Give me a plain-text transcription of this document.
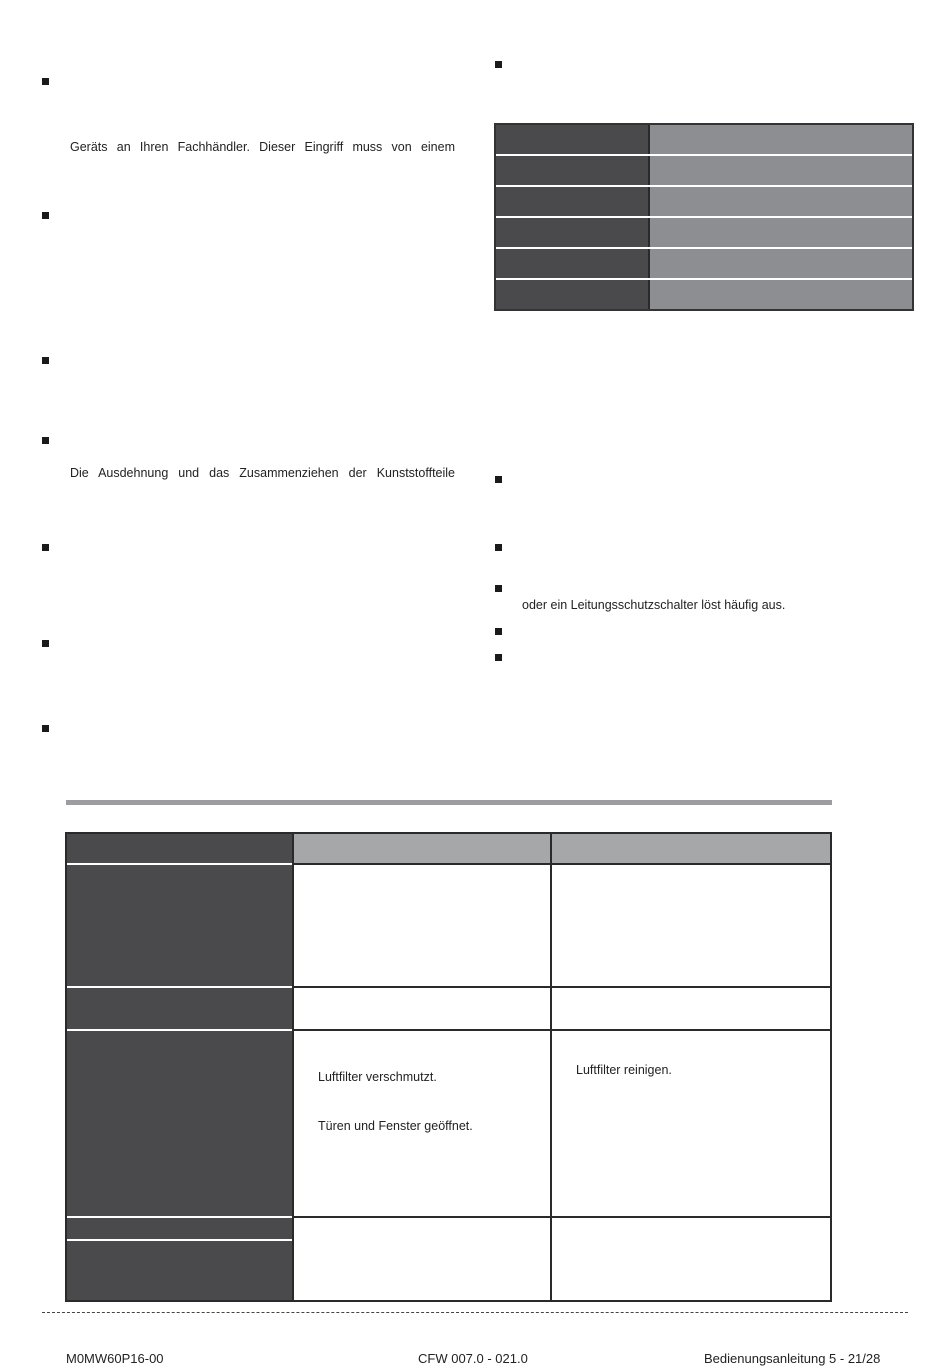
Geräts an Ihren Fachhändler. Dieser Eingriff muss von einem
Die Ausdehnung und das Zusammenziehen der Kunststoffteile
oder ein Leitungsschutzschalter löst häufig aus.
Luftfilter verschmutzt.
Türen und Fenster geöffnet.
Luftfilter reinigen.
M0MW60P16-00	CFW 007.0 - 021.0	Bedienungsanleitung 5 - 21/28
